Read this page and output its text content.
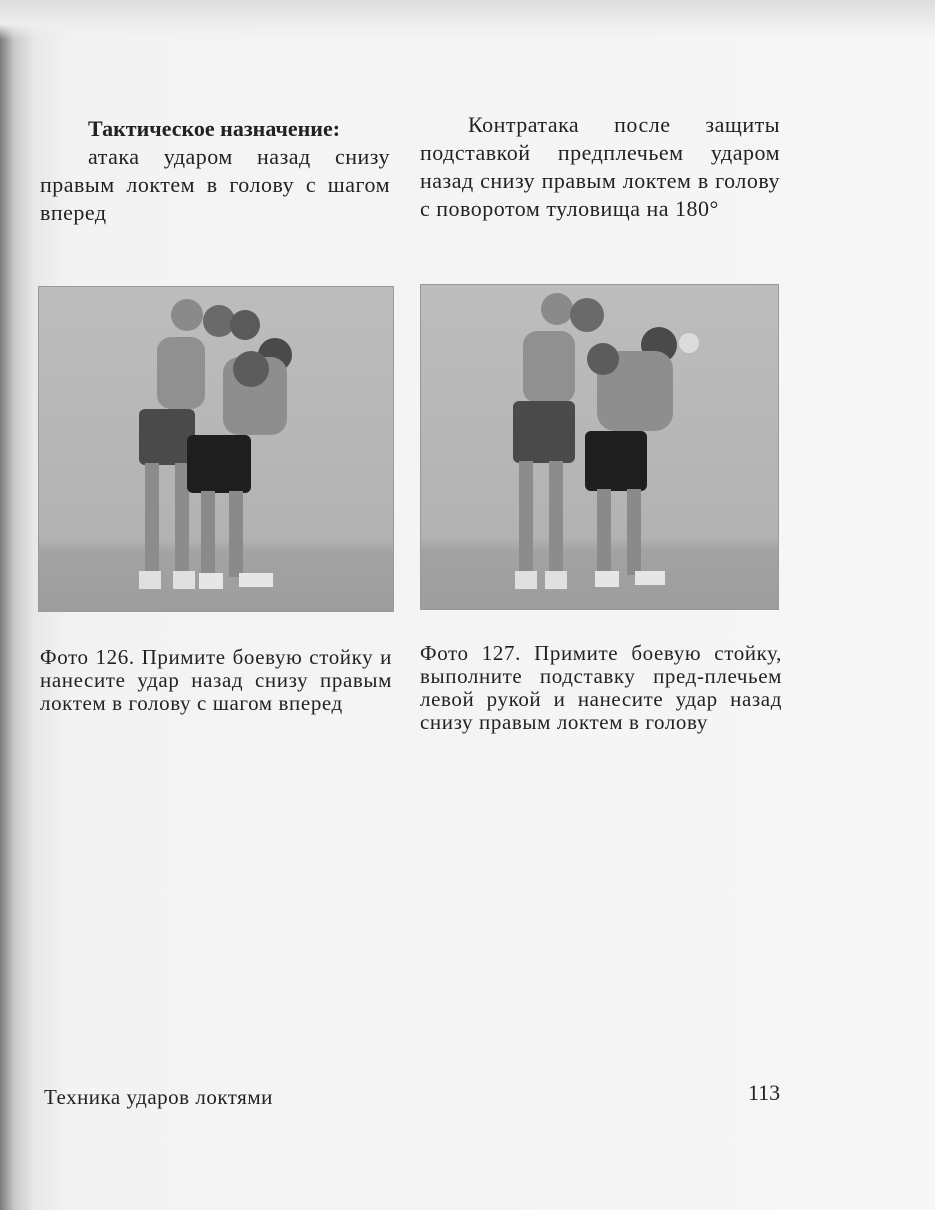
Тактическое назначение:
атака ударом назад снизу правым локтем в голову с шагом вперед
Контратака после защиты подставкой предплечьем ударом назад снизу правым локтем в голову с поворотом туловища на 180°
Фото 126. Примите боевую стойку и нанесите удар назад снизу правым локтем в голову с шагом вперед
Фото 127. Примите боевую стойку, выполните подставку пред-плечьем левой рукой и нанесите удар назад снизу правым локтем в голову
Техника ударов локтями	113
